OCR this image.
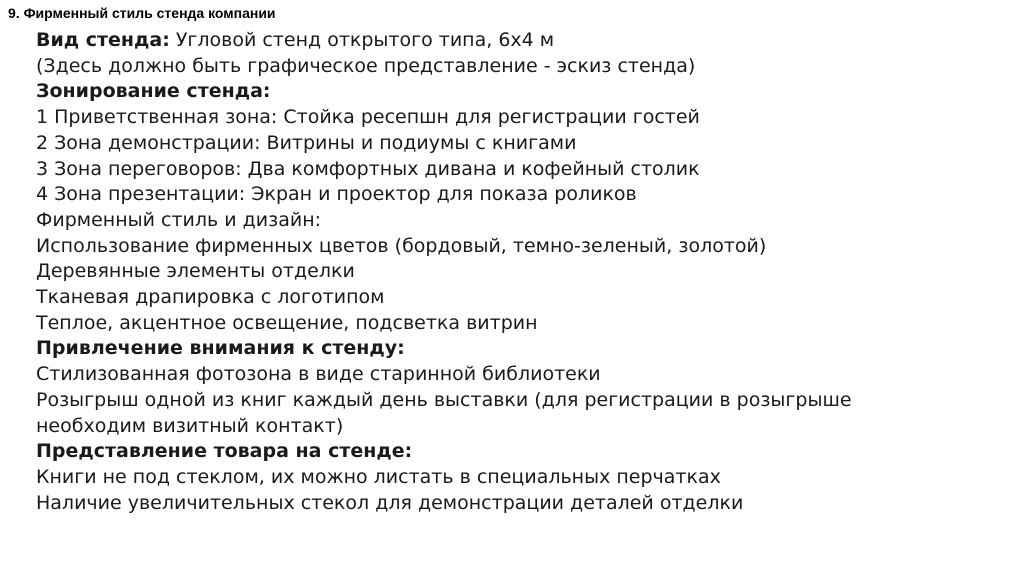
9. Фирменный стиль стенда компании
Вид стенда: Угловой стенд открытого типа, 6х4 м
(Здесь должно быть графическое представление - эскиз стенда)
Зонирование стенда:
1 Приветственная зона: Стойка ресепшн для регистрации гостей
2 Зона демонстрации: Витрины и подиумы с книгами
3 Зона переговоров: Два комфортных дивана и кофейный столик
4 Зона презентации: Экран и проектор для показа роликов
Фирменный стиль и дизайн:
Использование фирменных цветов (бордовый, темно-зеленый, золотой)
Деревянные элементы отделки
Тканевая драпировка с логотипом
Теплое, акцентное освещение, подсветка витрин
Привлечение внимания к стенду:
Стилизованная фотозона в виде старинной библиотеки
Розыгрыш одной из книг каждый день выставки (для регистрации в розыгрыше
необходим визитный контакт)
Представление товара на стенде:
Книги не под стеклом, их можно листать в специальных перчатках
Наличие увеличительных стекол для демонстрации деталей отделки
